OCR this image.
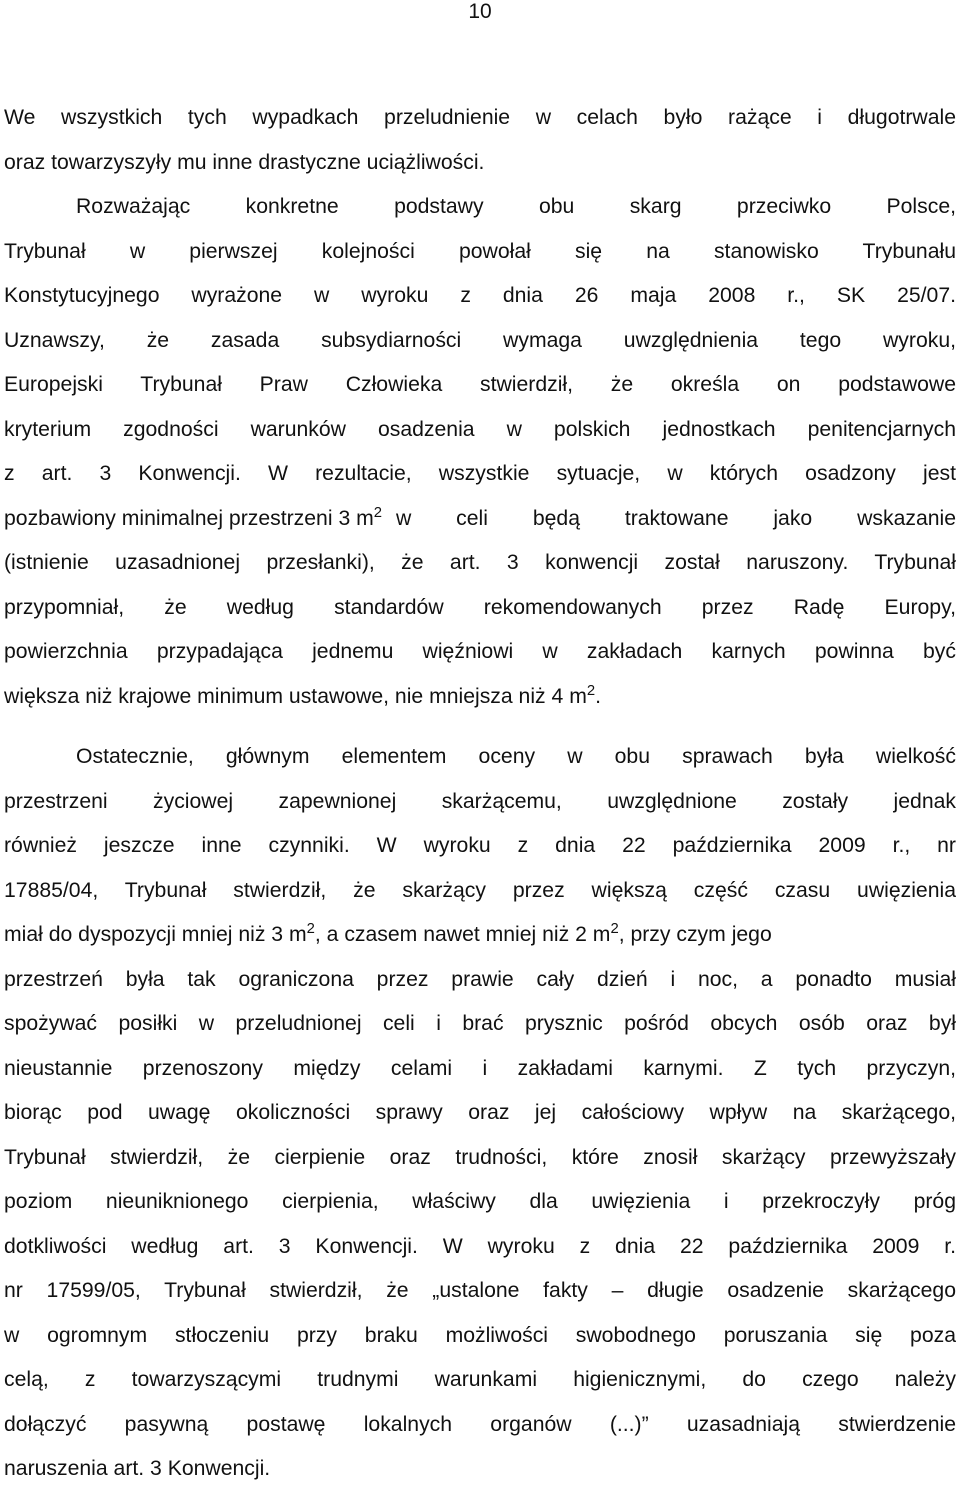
10

We wszystkich tych wypadkach przeludnienie w celach było rażące i długotrwale
oraz towarzyszyły mu inne drastyczne uciążliwości.

Rozważając konkretne podstawy obu skarg przeciwko Polsce,
Trybunał w pierwszej kolejności powołał się na stanowisko Trybunału
Konstytucyjnego wyrażone w wyroku z dnia 26 maja 2008 r., SK 25/07.
Uznawszy, że zasada subsydiarności wymaga uwzględnienia tego wyroku,
Europejski Trybunał Praw Człowieka stwierdził, że określa on podstawowe
kryterium zgodności warunków osadzenia w polskich jednostkach penitencjarnych
z art. 3 Konwencji. W rezultacie, wszystkie sytuacje, w których osadzony jest
pozbawiony minimalnej przestrzeni 3 $m^2$ w celi będą traktowane jako wskazanie
(istnienie uzasadnionej przesłanki), że art. 3 konwencji został naruszony. Trybunał
przypomniał, że według standardów rekomendowanych przez Radę Europy,
powierzchnia przypadająca jednemu więźniowi w zakładach karnych powinna być
większa niż krajowe minimum ustawowe, nie mniejsza niż 4 $m^2$.

Ostatecznie, głównym elementem oceny w obu sprawach była wielkość
przestrzeni życiowej zapewnionej skarżącemu, uwzględnione zostały jednak
również jeszcze inne czynniki. W wyroku z dnia 22 października 2009 r., nr
17885/04, Trybunał stwierdził, że skarżący przez większą część czasu uwięzienia
miał do dyspozycji mniej niż 3 $m^2$, a czasem nawet mniej niż 2 $m^2$, przy czym jego
przestrzeń była tak ograniczona przez prawie cały dzień i noc, a ponadto musiał
spożywać posiłki w przeludnionej celi i brać prysznic pośród obcych osób oraz był
nieustannie przenoszony między celami i zakładami karnymi. Z tych przyczyn,
biorąc pod uwagę okoliczności sprawy oraz jej całościowy wpływ na skarżącego,
Trybunał stwierdził, że cierpienie oraz trudności, które znosił skarżący przewyższały
poziom nieuniknionego cierpienia, właściwy dla uwięzienia i przekroczyły próg
dotkliwości według art. 3 Konwencji. W wyroku z dnia 22 października 2009 r.
nr 17599/05, Trybunał stwierdził, że „ustalone fakty – długie osadzenie skarżącego
w ogromnym stłoczeniu przy braku możliwości swobodnego poruszania się poza
celą, z towarzyszącymi trudnymi warunkami higienicznymi, do czego należy
dołączyć pasywną postawę lokalnych organów (...)” uzasadniają stwierdzenie
naruszenia art. 3 Konwencji.
